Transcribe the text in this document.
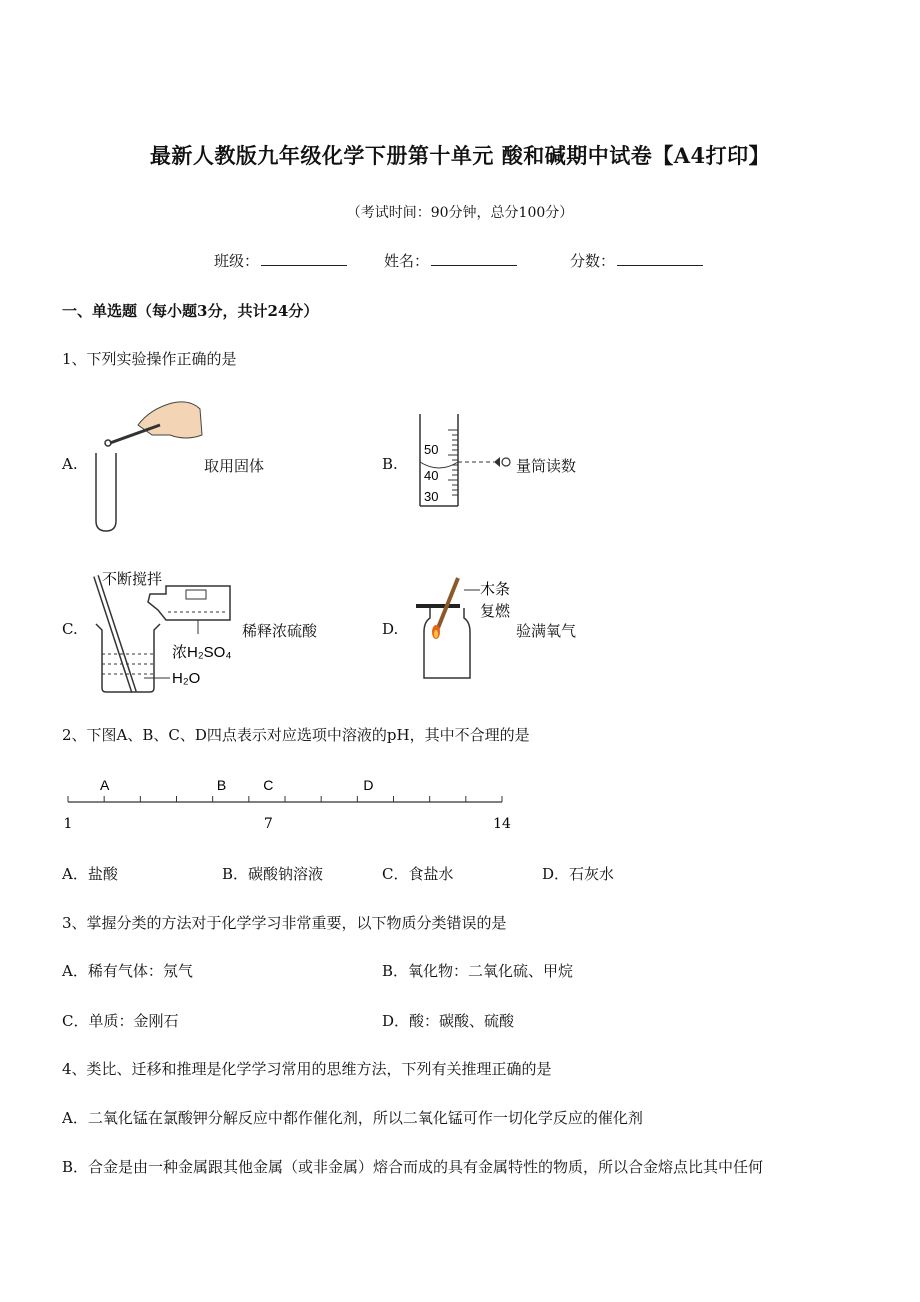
最新人教版九年级化学下册第十单元 酸和碱期中试卷【A4打印】
（考试时间：90分钟，总分100分）
班级：	姓名：	分数：
一、单选题（每小题3分，共计24分）
1、下列实验操作正确的是
A.	取用固体	B.	量筒读数
50
40
30
C.	稀释浓硫酸
不断搅拌
浓H₂SO₄
H₂O
D.	验满氧气
木条
复燃
2、下图A、B、C、D四点表示对应选项中溶液的pH，其中不合理的是
1	7	14
A	B	C	D
A．盐酸	B．碳酸钠溶液	C．食盐水	D．石灰水
3、掌握分类的方法对于化学学习非常重要，以下物质分类错误的是
A．稀有气体：氖气	B．氧化物：二氧化硫、甲烷
C．单质：金刚石	D．酸：碳酸、硫酸
4、类比、迁移和推理是化学学习常用的思维方法，下列有关推理正确的是
A．二氧化锰在氯酸钾分解反应中都作催化剂，所以二氧化锰可作一切化学反应的催化剂
B．合金是由一种金属跟其他金属（或非金属）熔合而成的具有金属特性的物质，所以合金熔点比其中任何
